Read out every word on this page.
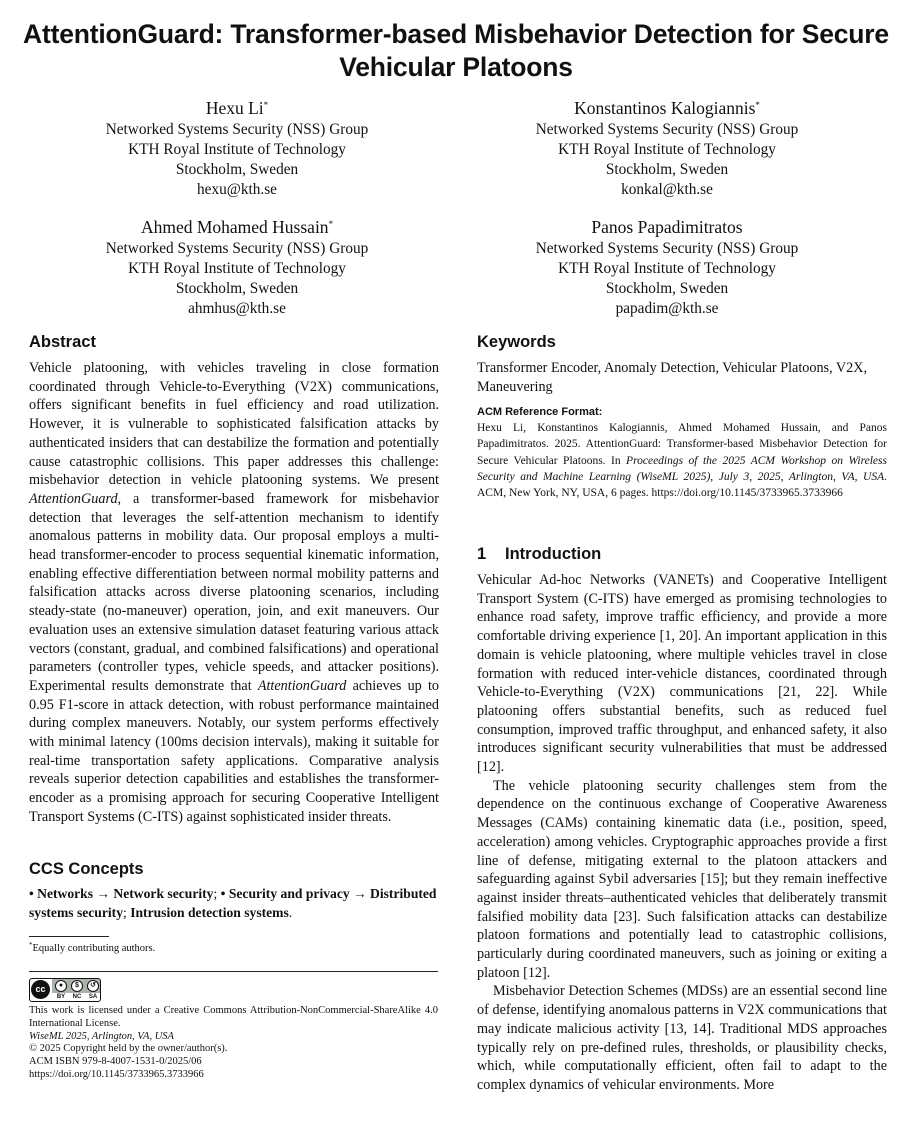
AttentionGuard: Transformer-based Misbehavior Detection for Secure Vehicular Platoons
Hexu Li*
Networked Systems Security (NSS) Group
KTH Royal Institute of Technology
Stockholm, Sweden
hexu@kth.se
Konstantinos Kalogiannis*
Networked Systems Security (NSS) Group
KTH Royal Institute of Technology
Stockholm, Sweden
konkal@kth.se
Ahmed Mohamed Hussain*
Networked Systems Security (NSS) Group
KTH Royal Institute of Technology
Stockholm, Sweden
ahmhus@kth.se
Panos Papadimitratos
Networked Systems Security (NSS) Group
KTH Royal Institute of Technology
Stockholm, Sweden
papadim@kth.se
Abstract
Vehicle platooning, with vehicles traveling in close formation coordinated through Vehicle-to-Everything (V2X) communications, offers significant benefits in fuel efficiency and road utilization. However, it is vulnerable to sophisticated falsification attacks by authenticated insiders that can destabilize the formation and potentially cause catastrophic collisions. This paper addresses this challenge: misbehavior detection in vehicle platooning systems. We present AttentionGuard, a transformer-based framework for misbehavior detection that leverages the self-attention mechanism to identify anomalous patterns in mobility data. Our proposal employs a multi-head transformer-encoder to process sequential kinematic information, enabling effective differentiation between normal mobility patterns and falsification attacks across diverse platooning scenarios, including steady-state (no-maneuver) operation, join, and exit maneuvers. Our evaluation uses an extensive simulation dataset featuring various attack vectors (constant, gradual, and combined falsifications) and operational parameters (controller types, vehicle speeds, and attacker positions). Experimental results demonstrate that AttentionGuard achieves up to 0.95 F1-score in attack detection, with robust performance maintained during complex maneuvers. Notably, our system performs effectively with minimal latency (100ms decision intervals), making it suitable for real-time transportation safety applications. Comparative analysis reveals superior detection capabilities and establishes the transformer-encoder as a promising approach for securing Cooperative Intelligent Transport Systems (C-ITS) against sophisticated insider threats.
CCS Concepts
• Networks → Network security; • Security and privacy → Distributed systems security; Intrusion detection systems.
*Equally contributing authors.
cc	●	$	↺
BY	NC	SA
This work is licensed under a Creative Commons Attribution-NonCommercial-ShareAlike 4.0 International License.
WiseML 2025, Arlington, VA, USA
© 2025 Copyright held by the owner/author(s).
ACM ISBN 979-8-4007-1531-0/2025/06
https://doi.org/10.1145/3733965.3733966
Keywords
Transformer Encoder, Anomaly Detection, Vehicular Platoons, V2X, Maneuvering
ACM Reference Format:
Hexu Li, Konstantinos Kalogiannis, Ahmed Mohamed Hussain, and Panos Papadimitratos. 2025. AttentionGuard: Transformer-based Misbehavior Detection for Secure Vehicular Platoons. In Proceedings of the 2025 ACM Workshop on Wireless Security and Machine Learning (WiseML 2025), July 3, 2025, Arlington, VA, USA. ACM, New York, NY, USA, 6 pages. https://doi.org/10.1145/3733965.3733966
1 Introduction

Vehicular Ad-hoc Networks (VANETs) and Cooperative Intelligent Transport System (C-ITS) have emerged as promising technologies to enhance road safety, improve traffic efficiency, and provide a more comfortable driving experience [1, 20]. An important application in this domain is vehicle platooning, where multiple vehicles travel in close formation with reduced inter-vehicle distances, coordinated through Vehicle-to-Everything (V2X) communications [21, 22]. While platooning offers substantial benefits, such as reduced fuel consumption, improved traffic throughput, and enhanced safety, it also introduces significant security vulnerabilities that must be addressed [12].

The vehicle platooning security challenges stem from the dependence on the continuous exchange of Cooperative Awareness Messages (CAMs) containing kinematic data (i.e., position, speed, acceleration) among vehicles. Cryptographic approaches provide a first line of defense, mitigating external to the platoon attackers and safeguarding against Sybil adversaries [15]; but they remain ineffective against insider threats–authenticated vehicles that deliberately transmit falsified mobility data [23]. Such falsification attacks can destabilize platoon formations and potentially lead to catastrophic collisions, particularly during coordinated maneuvers, such as joining or exiting a platoon [12].

Misbehavior Detection Schemes (MDSs) are an essential second line of defense, identifying anomalous patterns in V2X communications that may indicate malicious activity [13, 14]. Traditional MDS approaches typically rely on pre-defined rules, thresholds, or plausibility checks, which, while computationally efficient, often fail to adapt to the complex dynamics of vehicular environments. More
